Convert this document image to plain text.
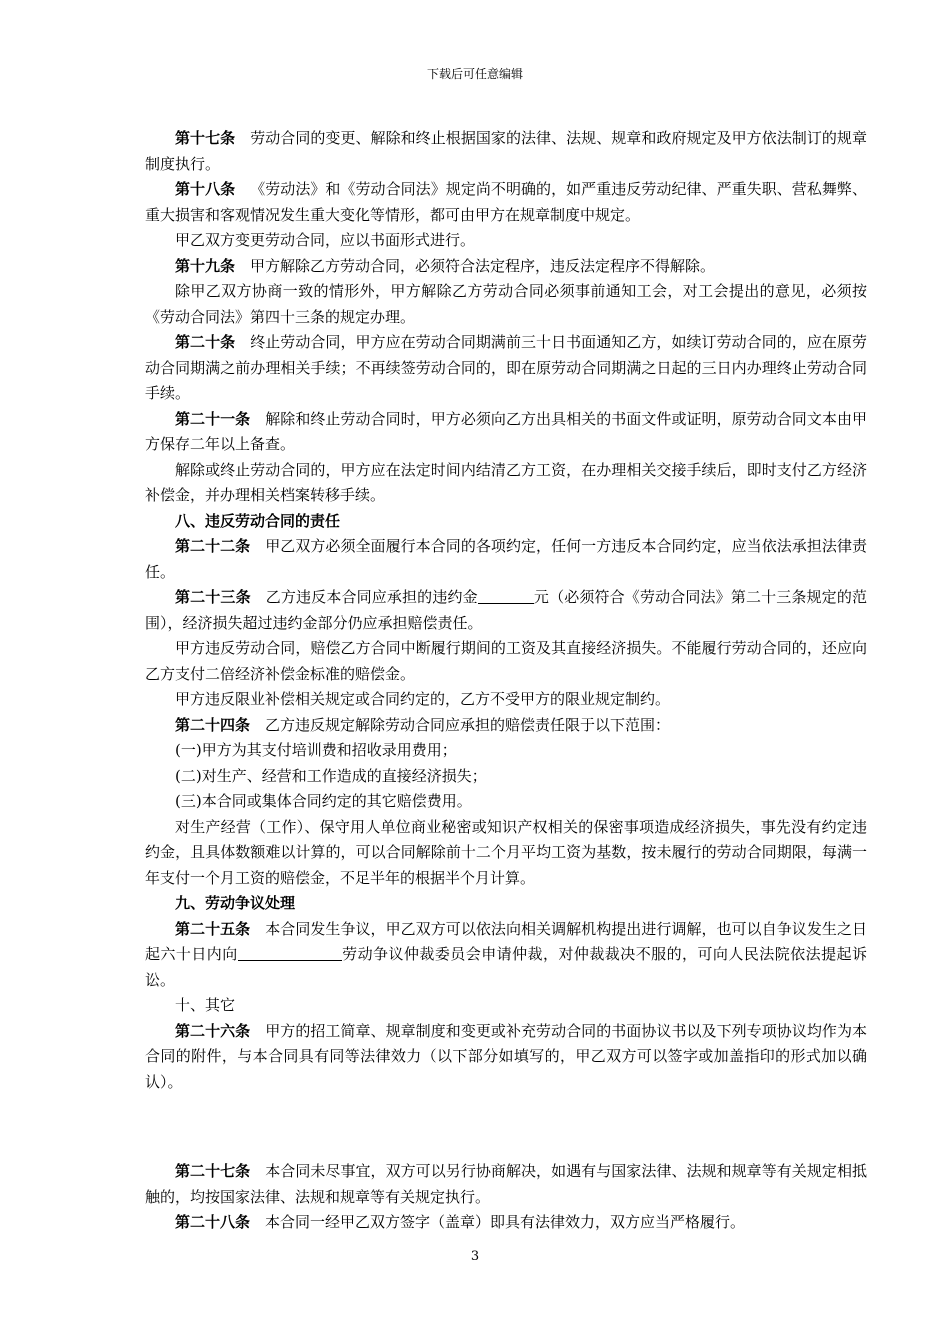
下载后可任意编辑

第十七条 劳动合同的变更、解除和终止根据国家的法律、法规、规章和政府规定及甲方依法制订的规章制度执行。

第十八条 《劳动法》和《劳动合同法》规定尚不明确的，如严重违反劳动纪律、严重失职、营私舞弊、重大损害和客观情况发生重大变化等情形，都可由甲方在规章制度中规定。

甲乙双方变更劳动合同，应以书面形式进行。

第十九条 甲方解除乙方劳动合同，必须符合法定程序，违反法定程序不得解除。

除甲乙双方协商一致的情形外，甲方解除乙方劳动合同必须事前通知工会，对工会提出的意见，必须按《劳动合同法》第四十三条的规定办理。

第二十条 终止劳动合同，甲方应在劳动合同期满前三十日书面通知乙方，如续订劳动合同的，应在原劳动合同期满之前办理相关手续；不再续签劳动合同的，即在原劳动合同期满之日起的三日内办理终止劳动合同手续。

第二十一条 解除和终止劳动合同时，甲方必须向乙方出具相关的书面文件或证明，原劳动合同文本由甲方保存二年以上备查。

解除或终止劳动合同的，甲方应在法定时间内结清乙方工资，在办理相关交接手续后，即时支付乙方经济补偿金，并办理相关档案转移手续。

八、违反劳动合同的责任

第二十二条 甲乙双方必须全面履行本合同的各项约定，任何一方违反本合同约定，应当依法承担法律责任。

第二十三条 乙方违反本合同应承担的违约金	元（必须符合《劳动合同法》第二十三条规定的范围），经济损失超过违约金部分仍应承担赔偿责任。

甲方违反劳动合同，赔偿乙方合同中断履行期间的工资及其直接经济损失。不能履行劳动合同的，还应向乙方支付二倍经济补偿金标准的赔偿金。

甲方违反限业补偿相关规定或合同约定的，乙方不受甲方的限业规定制约。

第二十四条 乙方违反规定解除劳动合同应承担的赔偿责任限于以下范围：

(一)甲方为其支付培训费和招收录用费用；

(二)对生产、经营和工作造成的直接经济损失；

(三)本合同或集体合同约定的其它赔偿费用。

对生产经营（工作）、保守用人单位商业秘密或知识产权相关的保密事项造成经济损失，事先没有约定违约金，且具体数额难以计算的，可以合同解除前十二个月平均工资为基数，按未履行的劳动合同期限，每满一年支付一个月工资的赔偿金，不足半年的根据半个月计算。

九、劳动争议处理

第二十五条 本合同发生争议，甲乙双方可以依法向相关调解机构提出进行调解，也可以自争议发生之日起六十日内向	劳动争议仲裁委员会申请仲裁，对仲裁裁决不服的，可向人民法院依法提起诉讼。

十、其它

第二十六条 甲方的招工简章、规章制度和变更或补充劳动合同的书面协议书以及下列专项协议均作为本合同的附件，与本合同具有同等法律效力（以下部分如填写的，甲乙双方可以签字或加盖指印的形式加以确认）。

第二十七条 本合同未尽事宜，双方可以另行协商解决，如遇有与国家法律、法规和规章等有关规定相抵触的，均按国家法律、法规和规章等有关规定执行。

第二十八条 本合同一经甲乙双方签字（盖章）即具有法律效力，双方应当严格履行。

3
